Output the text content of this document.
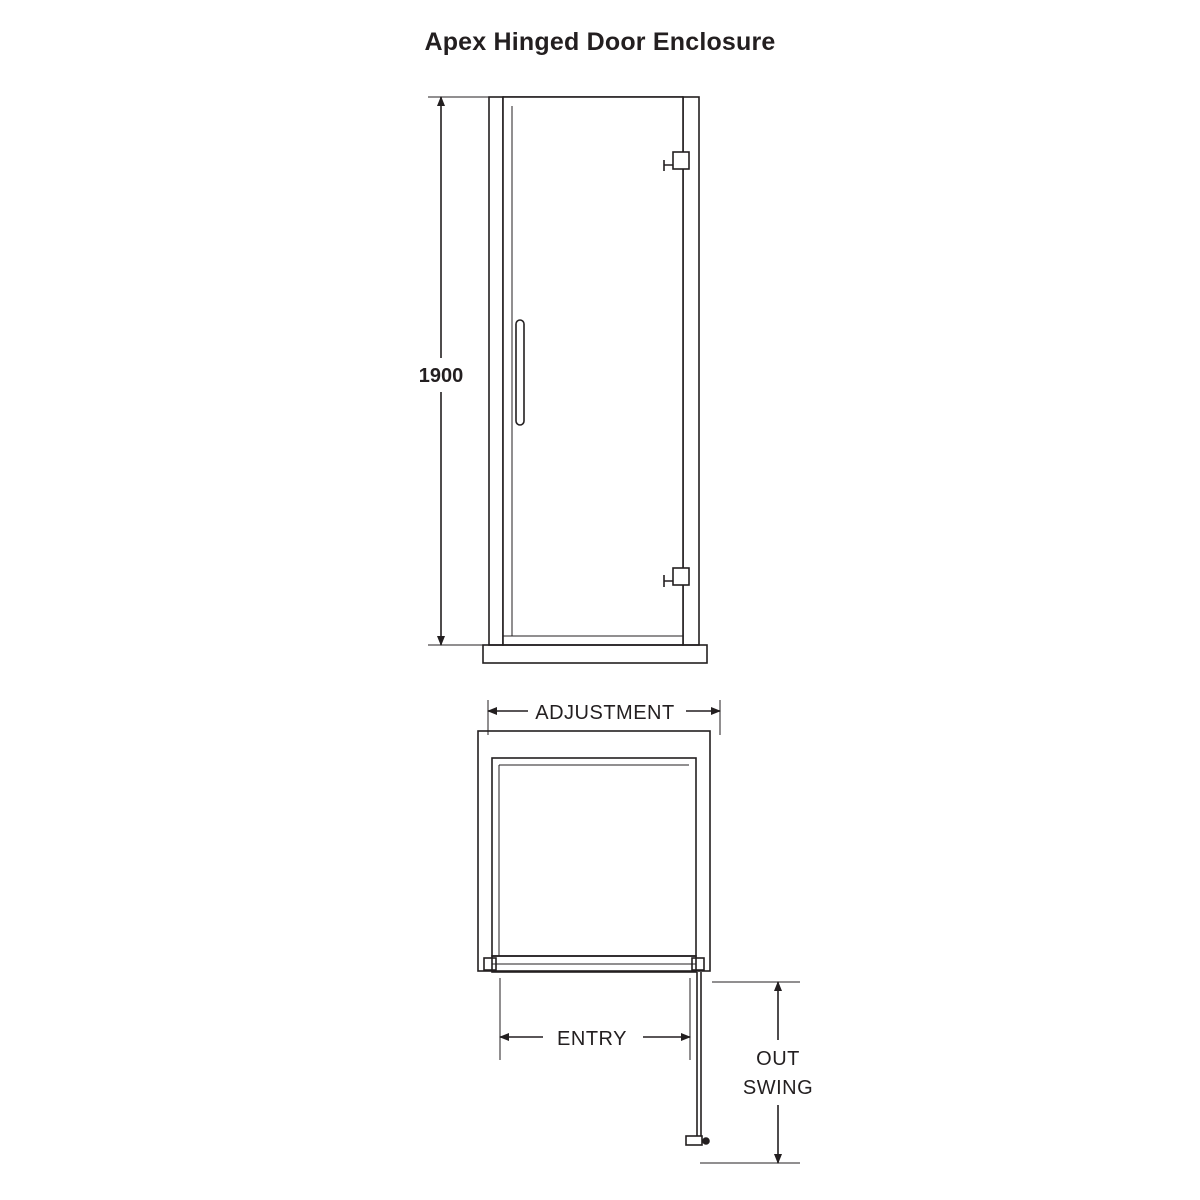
Apex Hinged Door Enclosure
1900
ADJUSTMENT
ENTRY
OUT
SWING
